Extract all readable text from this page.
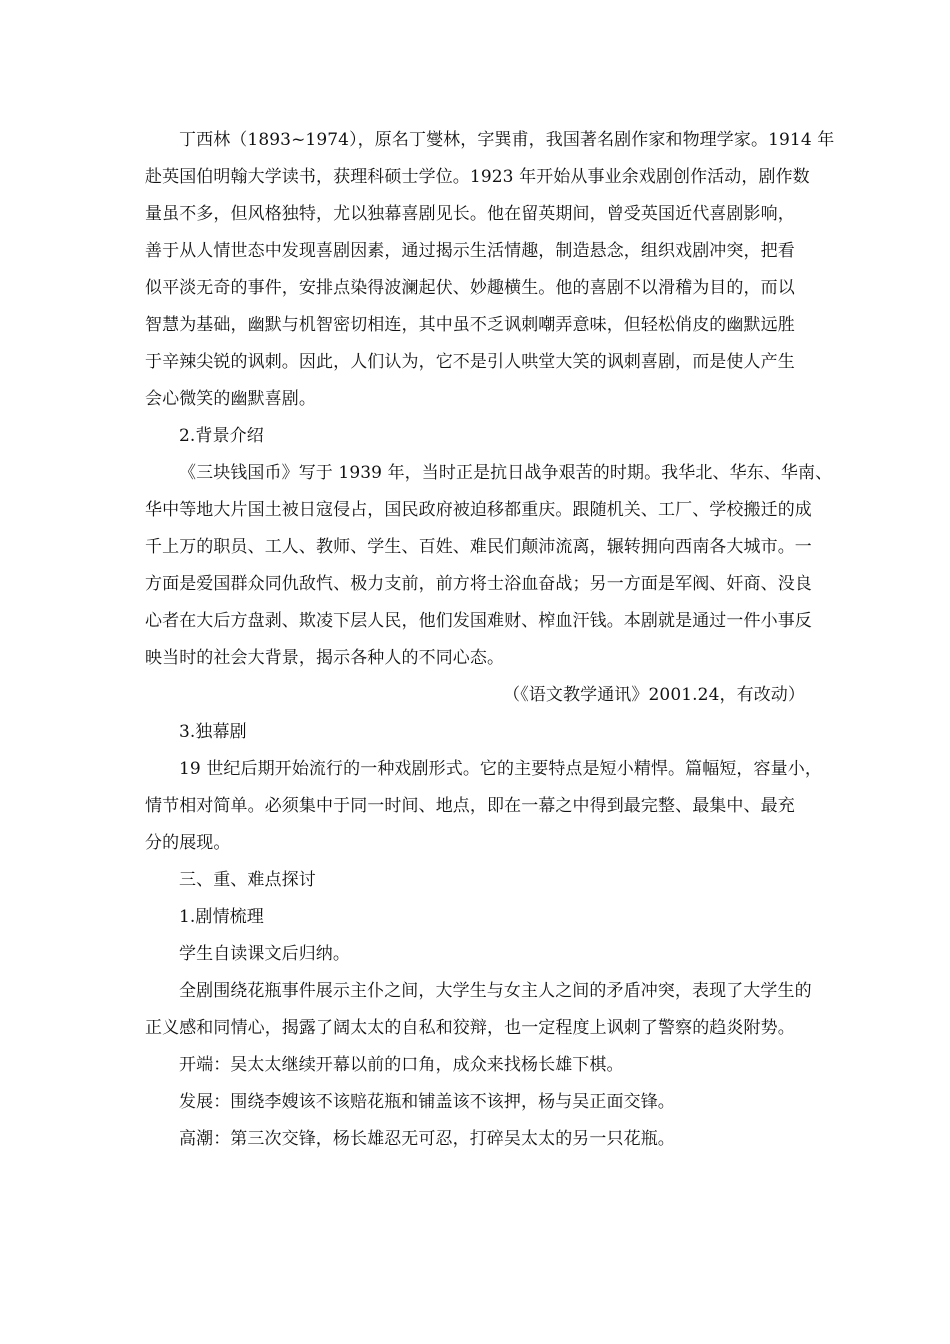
丁西林（1893~1974），原名丁燮林，字巽甫，我国著名剧作家和物理学家。1914 年
赴英国伯明翰大学读书，获理科硕士学位。1923 年开始从事业余戏剧创作活动，剧作数
量虽不多，但风格独特，尤以独幕喜剧见长。他在留英期间，曾受英国近代喜剧影响，
善于从人情世态中发现喜剧因素，通过揭示生活情趣，制造悬念，组织戏剧冲突，把看
似平淡无奇的事件，安排点染得波澜起伏、妙趣横生。他的喜剧不以滑稽为目的，而以
智慧为基础，幽默与机智密切相连，其中虽不乏讽刺嘲弄意味，但轻松俏皮的幽默远胜
于辛辣尖锐的讽刺。因此，人们认为，它不是引人哄堂大笑的讽刺喜剧，而是使人产生
会心微笑的幽默喜剧。
2.背景介绍
《三块钱国币》写于 1939 年，当时正是抗日战争艰苦的时期。我华北、华东、华南、
华中等地大片国土被日寇侵占，国民政府被迫移都重庆。跟随机关、工厂、学校搬迁的成
千上万的职员、工人、教师、学生、百姓、难民们颠沛流离，辗转拥向西南各大城市。一
方面是爱国群众同仇敌忾、极力支前，前方将士浴血奋战；另一方面是军阀、奸商、没良
心者在大后方盘剥、欺凌下层人民，他们发国难财、榨血汗钱。本剧就是通过一件小事反
映当时的社会大背景，揭示各种人的不同心态。
（《语文教学通讯》2001.24，有改动）
3.独幕剧
19 世纪后期开始流行的一种戏剧形式。它的主要特点是短小精悍。篇幅短，容量小，
情节相对简单。必须集中于同一时间、地点，即在一幕之中得到最完整、最集中、最充
分的展现。
三、重、难点探讨
1.剧情梳理
学生自读课文后归纳。
全剧围绕花瓶事件展示主仆之间，大学生与女主人之间的矛盾冲突，表现了大学生的
正义感和同情心，揭露了阔太太的自私和狡辩，也一定程度上讽刺了警察的趋炎附势。
开端：吴太太继续开幕以前的口角，成众来找杨长雄下棋。
发展：围绕李嫂该不该赔花瓶和铺盖该不该押，杨与吴正面交锋。
高潮：第三次交锋，杨长雄忍无可忍，打碎吴太太的另一只花瓶。
